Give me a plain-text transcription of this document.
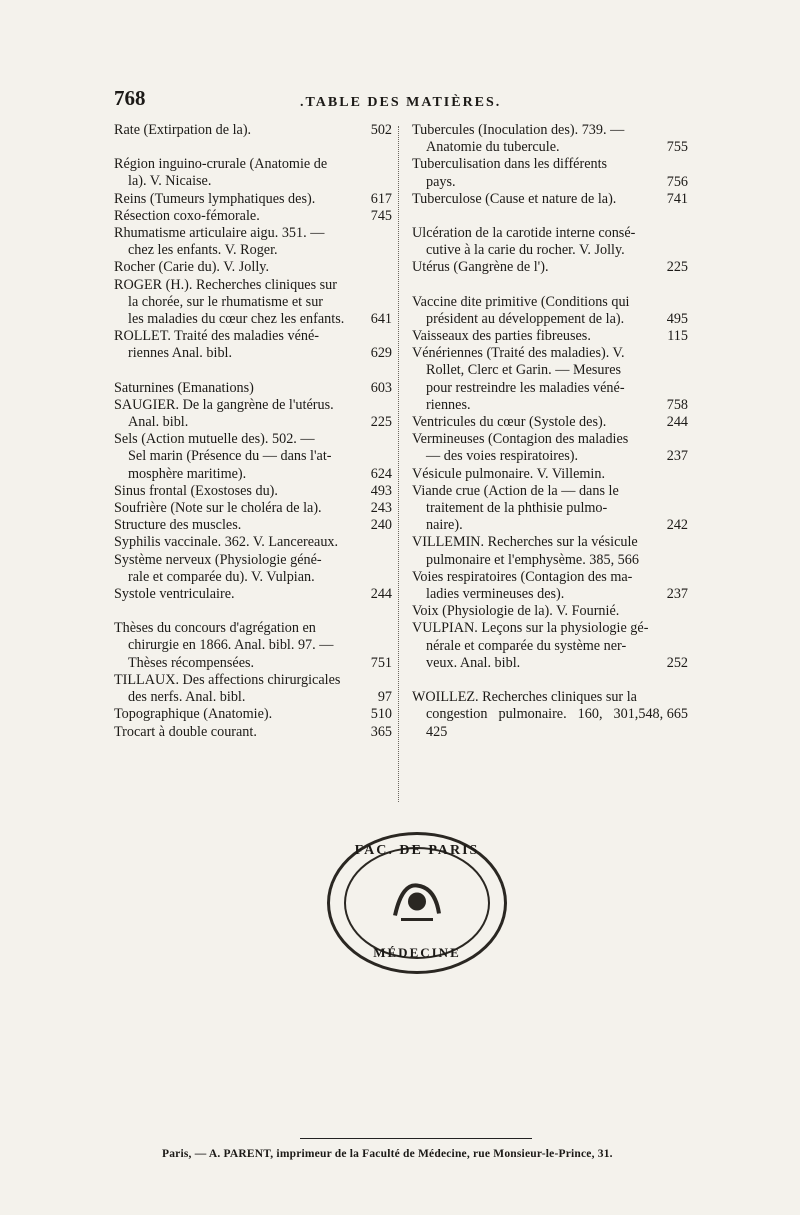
768	.TABLE DES MATIÈRES.
502
Rate (Extirpation de la).
Région inguino-crurale (Anatomie de
la). V. Nicaise.
617
Reins (Tumeurs lymphatiques des).
745
Résection coxo-fémorale.
Rhumatisme articulaire aigu. 351. —
chez les enfants. V. Roger.
Rocher (Carie du). V. Jolly.
ROGER (H.). Recherches cliniques sur
la chorée, sur le rhumatisme et sur
641
les maladies du cœur chez les enfants.
ROLLET. Traité des maladies véné-
629
riennes Anal. bibl.
603
Saturnines (Emanations)
SAUGIER. De la gangrène de l'utérus.
225
Anal. bibl.
Sels (Action mutuelle des). 502. —
Sel marin (Présence du — dans l'at-
624
mosphère maritime).
493
Sinus frontal (Exostoses du).
243
Soufrière (Note sur le choléra de la).
240
Structure des muscles.
Syphilis vaccinale. 362. V. Lancereaux.
Système nerveux (Physiologie géné-
rale et comparée du). V. Vulpian.
244
Systole ventriculaire.
Thèses du concours d'agrégation en
chirurgie en 1866. Anal. bibl. 97. —
751
Thèses récompensées.
TILLAUX. Des affections chirurgicales
97
des nerfs. Anal. bibl.
510
Topographique (Anatomie).
365
Trocart à double courant.
Tubercules (Inoculation des). 739. —
755
Anatomie du tubercule.
Tuberculisation dans les différents
756
pays.
741
Tuberculose (Cause et nature de la).
Ulcération de la carotide interne consé-
cutive à la carie du rocher. V. Jolly.
225
Utérus (Gangrène de l').
Vaccine dite primitive (Conditions qui
495
président au développement de la).
115
Vaisseaux des parties fibreuses.
Vénériennes (Traité des maladies). V.
Rollet, Clerc et Garin. — Mesures
pour restreindre les maladies véné-
758
riennes.
244
Ventricules du cœur (Systole des).
Vermineuses (Contagion des maladies
237
— des voies respiratoires).
Vésicule pulmonaire. V. Villemin.
Viande crue (Action de la — dans le
traitement de la phthisie pulmo-
242
naire).
VILLEMIN. Recherches sur la vésicule
pulmonaire et l'emphysème. 385, 566
Voies respiratoires (Contagion des ma-
237
ladies vermineuses des).
Voix (Physiologie de la). V. Fournié.
VULPIAN. Leçons sur la physiologie gé-
nérale et comparée du système ner-
252
veux. Anal. bibl.
WOILLEZ. Recherches cliniques sur la
548, 665
congestion pulmonaire. 160, 301, 425
FAC. DE PARIS
MÉDECINE
Paris, — A. PARENT, imprimeur de la Faculté de Médecine, rue Monsieur-le-Prince, 31.
